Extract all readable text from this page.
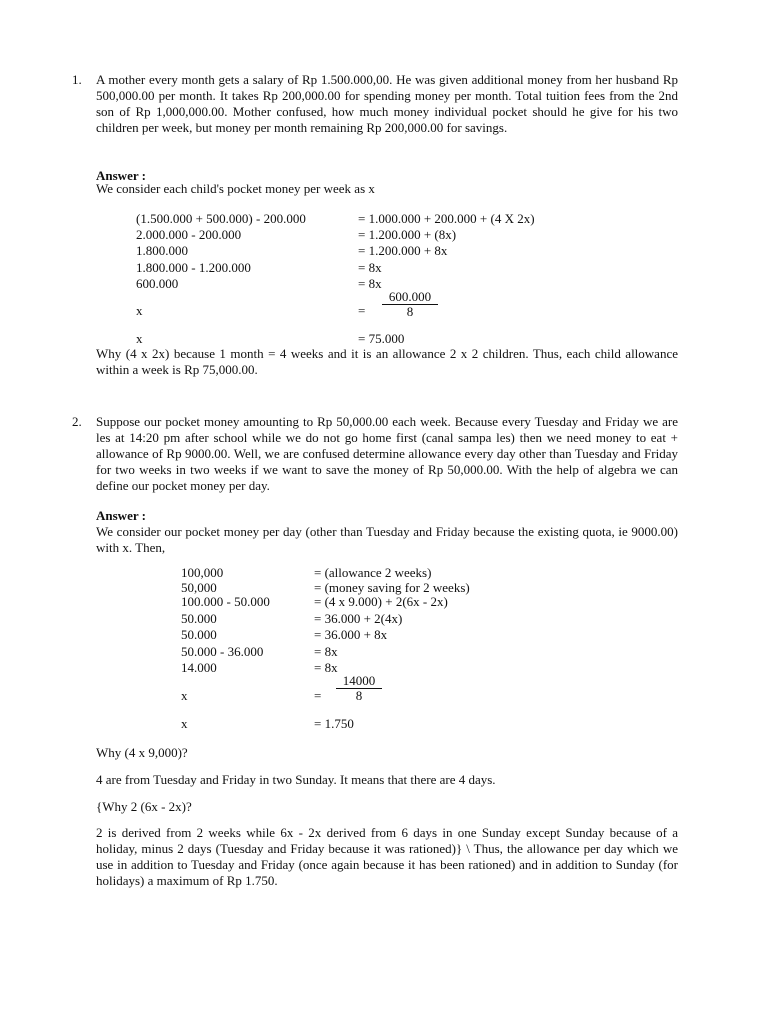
1. A mother every month gets a salary of Rp 1.500.000,00. He was given additional money from her husband Rp 500,000.00 per month. It takes Rp 200,000.00 for spending money per month. Total tuition fees from the 2nd son of Rp 1,000,000.00. Mother confused, how much money individual pocket should he give for his two children per week, but money per month remaining Rp 200,000.00 for savings.
Answer :
We consider each child's pocket money per week as x
(1.500.000 + 500.000) - 200.000	= 1.000.000 + 200.000 + (4 X 2x)
2.000.000 - 200.000	= 1.200.000 + (8x)
1.800.000	= 1.200.000 + 8x
1.800.000 - 1.200.000	= 8x
600.000	= 8x
x	= $\frac{600.000}{8}$
x	= 75.000
Why (4 x 2x) because 1 month = 4 weeks and it is an allowance 2 x 2 children. Thus, each child allowance within a week is Rp 75,000.00.
2. Suppose our pocket money amounting to Rp 50,000.00 each week. Because every Tuesday and Friday we are les at 14:20 pm after school while we do not go home first (canal sampa les) then we need money to eat + allowance of Rp 9000.00. Well, we are confused determine allowance every day other than Tuesday and Friday for two weeks in two weeks if we want to save the money of Rp 50,000.00. With the help of algebra we can define our pocket money per day.
Answer :
We consider our pocket money per day (other than Tuesday and Friday because the existing quota, ie 9000.00) with x. Then,
100,000	= (allowance 2 weeks)
50,000	= (money saving for 2 weeks)
100.000 - 50.000	= (4 x 9.000) + 2(6x - 2x)
50.000	= 36.000 + 2(4x)
50.000	= 36.000 + 8x
50.000 - 36.000	= 8x
14.000	= 8x
x	= $\frac{14000}{8}$
x	= 1.750
Why (4 x 9,000)?
4 are from Tuesday and Friday in two Sunday. It means that there are 4 days.
{Why 2 (6x - 2x)?
2 is derived from 2 weeks while 6x - 2x derived from 6 days in one Sunday except Sunday because of a holiday, minus 2 days (Tuesday and Friday because it was rationed)} \ Thus, the allowance per day which we use in addition to Tuesday and Friday (once again because it has been rationed) and in addition to Sunday (for holidays) a maximum of Rp 1.750.
